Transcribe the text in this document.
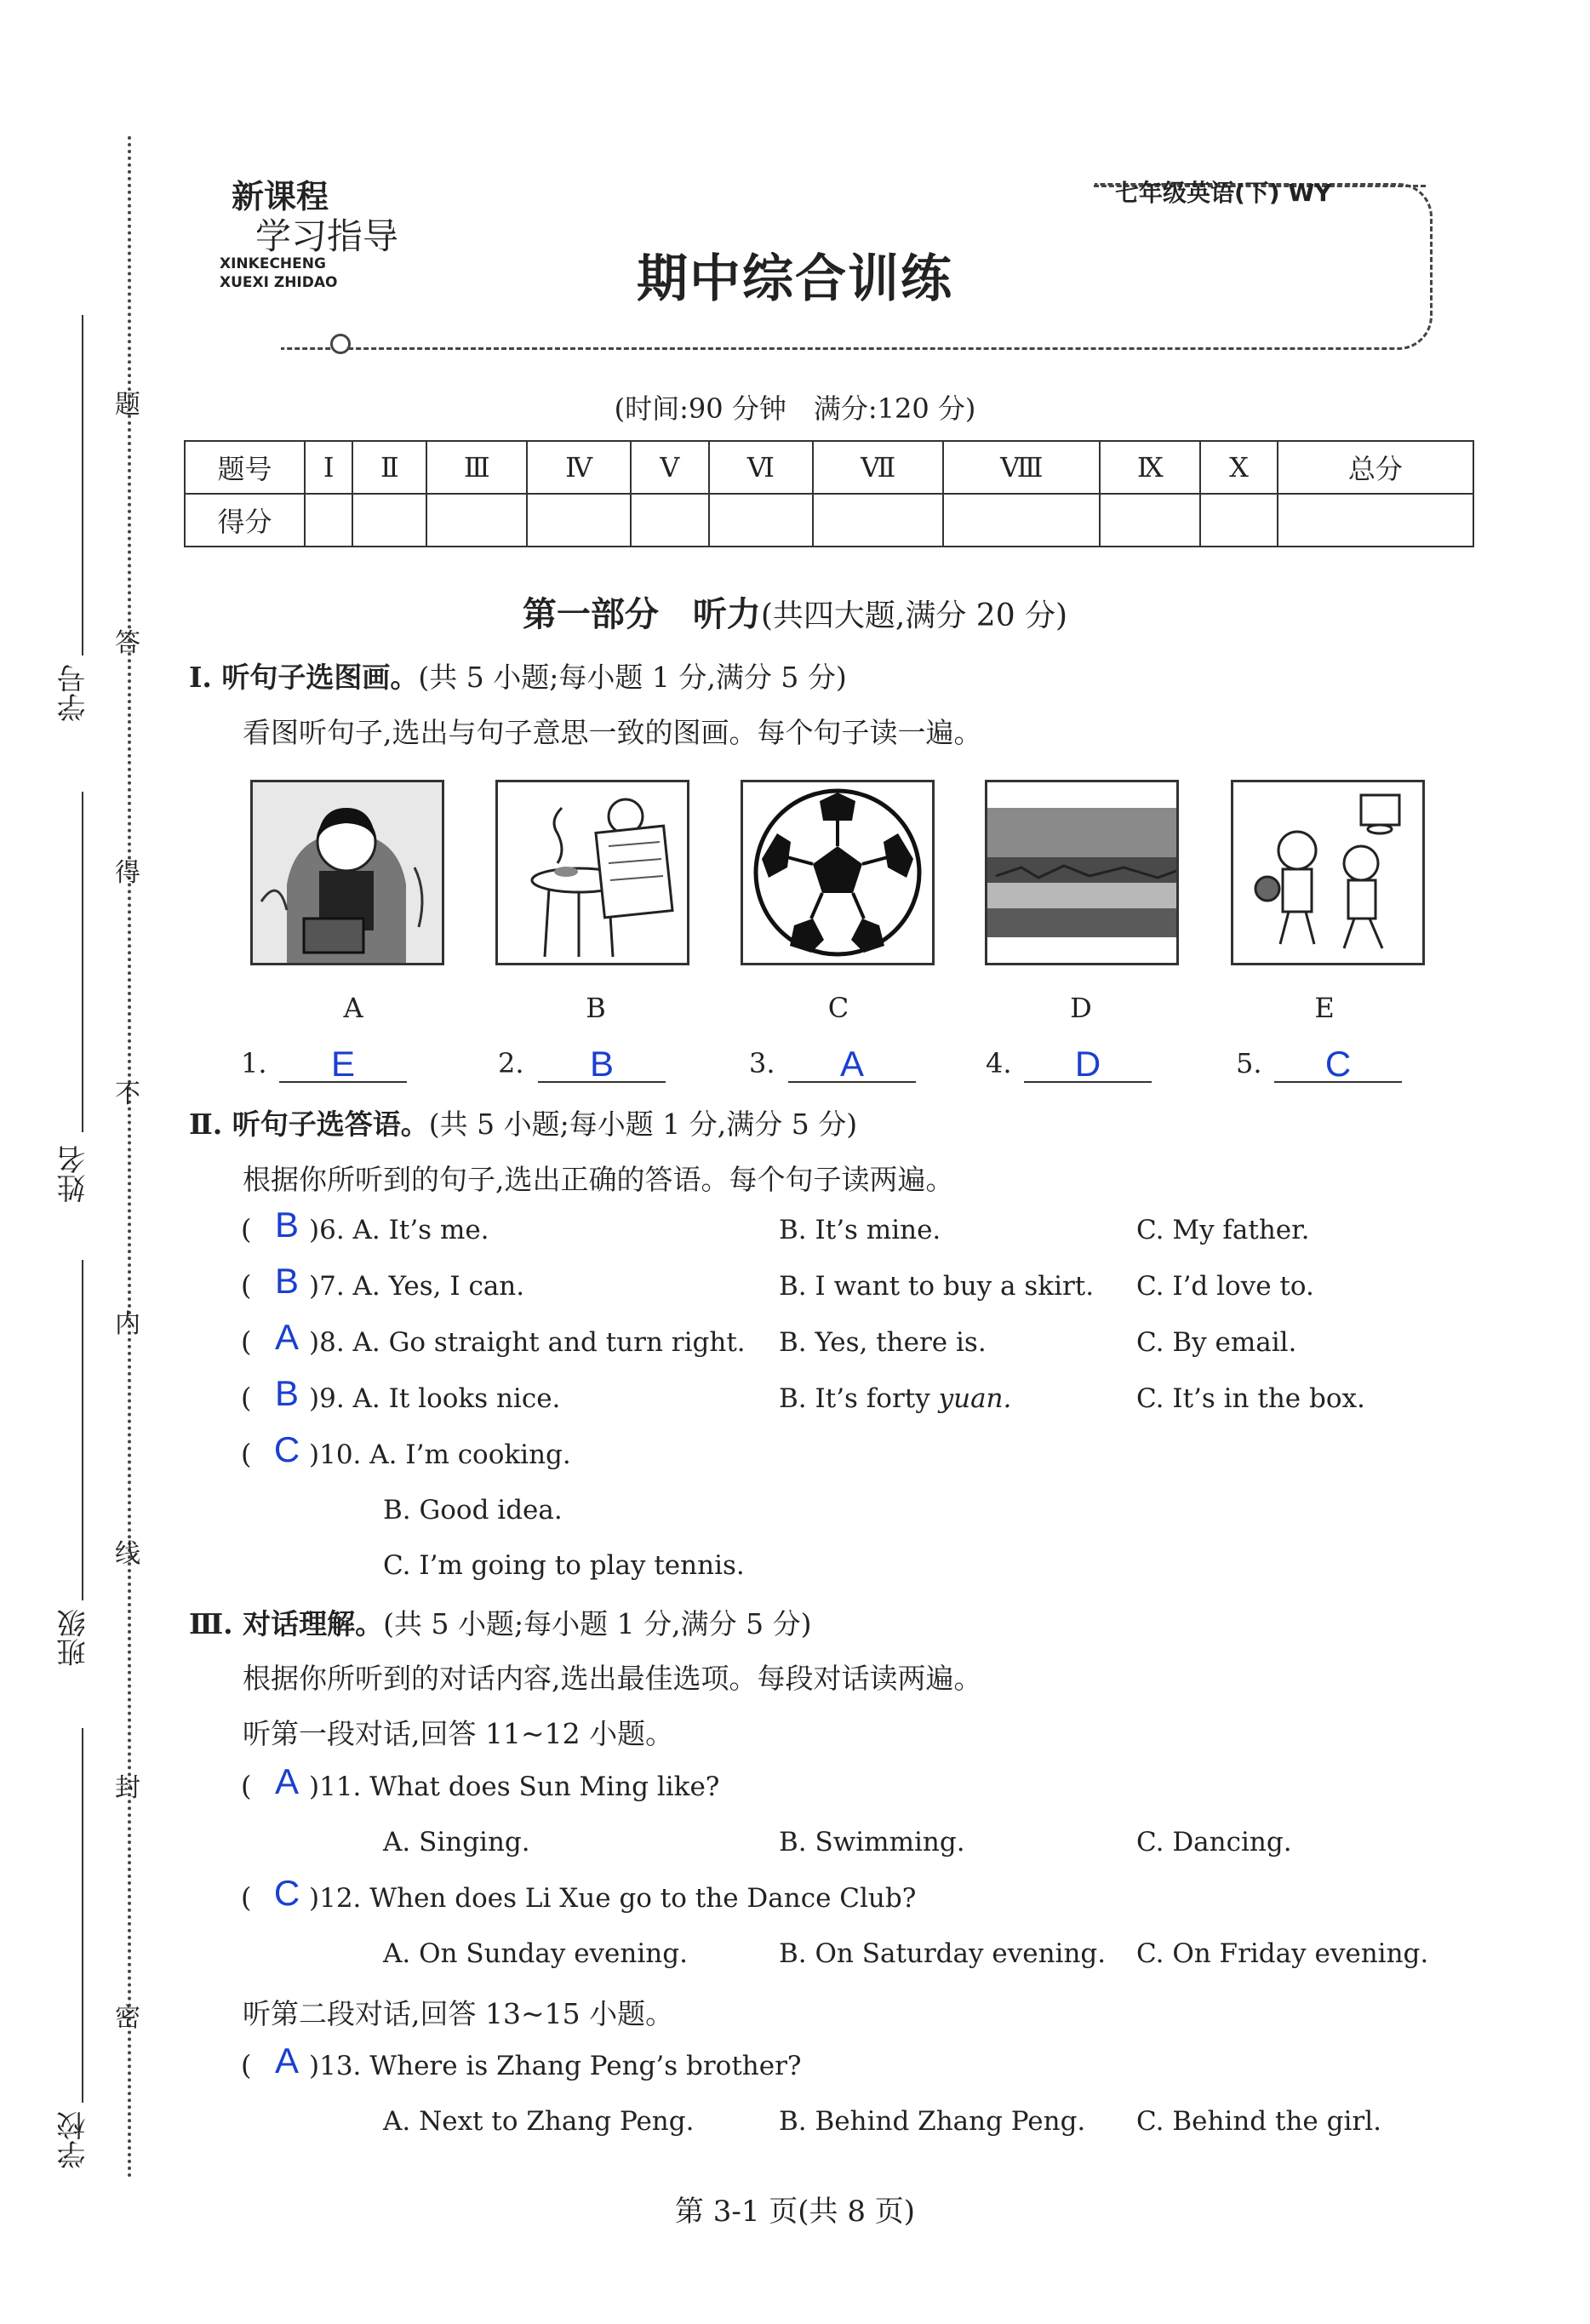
题
答
得
不
内
线
封
密
学号
姓名
班级
学校
新课程
学习指导
XINKECHENG
XUEXI ZHIDAO
七年级英语(下) WY
期中综合训练
(时间:90 分钟　满分:120 分)
题号	Ⅰ	Ⅱ	Ⅲ	Ⅳ	Ⅴ	Ⅵ	Ⅶ	Ⅷ	Ⅸ	Ⅹ	总分
得分											
第一部分　听力(共四大题,满分 20 分)
Ⅰ. 听句子选图画。(共 5 小题;每小题 1 分,满分 5 分)
看图听句子,选出与句子意思一致的图画。每个句子读一遍。
A	B	C	D	E
1.	E	2.	B	3.	A	4.	D	5.	C
Ⅱ. 听句子选答语。(共 5 小题;每小题 1 分,满分 5 分)
根据你所听到的句子,选出正确的答语。每个句子读两遍。
( B )6. A. It’s me.	B. It’s mine.	C. My father.
( B )7. A. Yes, I can.	B. I want to buy a skirt. C. I’d love to.
( A )8. A. Go straight and turn right. B. Yes, there is.	C. By email.
( B )9. A. It looks nice.	B. It’s forty yuan.	C. It’s in the box.
( C )10. A. I’m cooking.
B. Good idea.
C. I’m going to play tennis.
Ⅲ. 对话理解。(共 5 小题;每小题 1 分,满分 5 分)
根据你所听到的对话内容,选出最佳选项。每段对话读两遍。
听第一段对话,回答 11~12 小题。
( A )11. What does Sun Ming like?
A. Singing.	B. Swimming.	C. Dancing.
( C )12. When does Li Xue go to the Dance Club?
A. On Sunday evening.	B. On Saturday evening. C. On Friday evening.
听第二段对话,回答 13~15 小题。
( A )13. Where is Zhang Peng’s brother?
A. Next to Zhang Peng.	B. Behind Zhang Peng. C. Behind the girl.
第 3-1 页(共 8 页)
